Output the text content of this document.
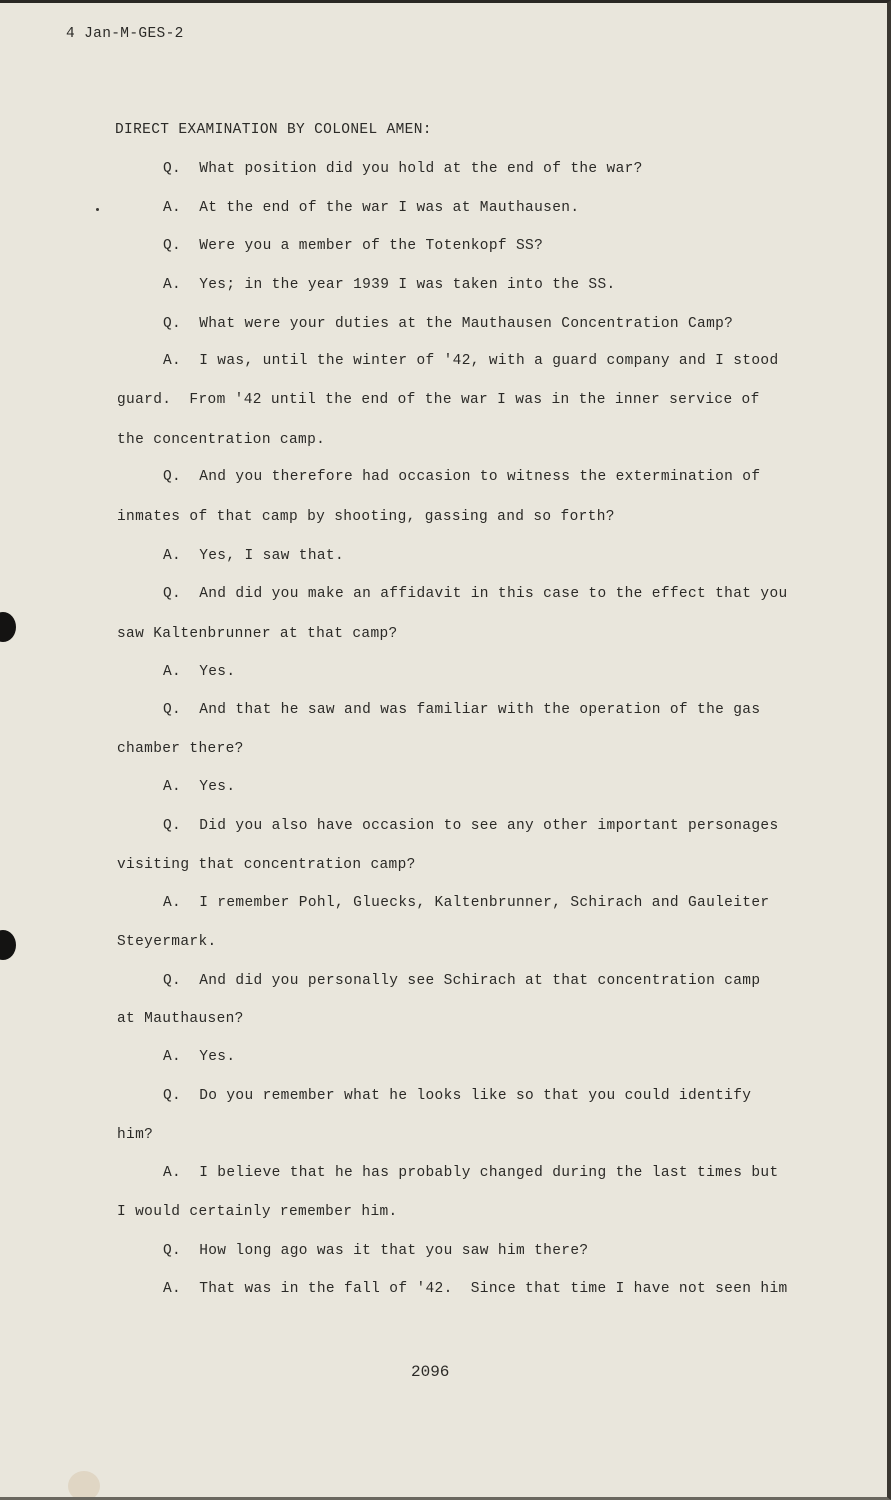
4 Jan-M-GES-2

DIRECT EXAMINATION BY COLONEL AMEN:

Q.  What position did you hold at the end of the war?

A.  At the end of the war I was at Mauthausen.

Q.  Were you a member of the Totenkopf SS?

A.  Yes; in the year 1939 I was taken into the SS.

Q.  What were your duties at the Mauthausen Concentration Camp?

A.  I was, until the winter of '42, with a guard company and I stood

guard.  From '42 until the end of the war I was in the inner service of

the concentration camp.

Q.  And you therefore had occasion to witness the extermination of

inmates of that camp by shooting, gassing and so forth?

A.  Yes, I saw that.

Q.  And did you make an affidavit in this case to the effect that you

saw Kaltenbrunner at that camp?

A.  Yes.

Q.  And that he saw and was familiar with the operation of the gas

chamber there?

A.  Yes.

Q.  Did you also have occasion to see any other important personages

visiting that concentration camp?

A.  I remember Pohl, Gluecks, Kaltenbrunner, Schirach and Gauleiter

Steyermark.

Q.  And did you personally see Schirach at that concentration camp

at Mauthausen?

A.  Yes.

Q.  Do you remember what he looks like so that you could identify

him?

A.  I believe that he has probably changed during the last times but

I would certainly remember him.

Q.  How long ago was it that you saw him there?

A.  That was in the fall of '42.  Since that time I have not seen him

2096
